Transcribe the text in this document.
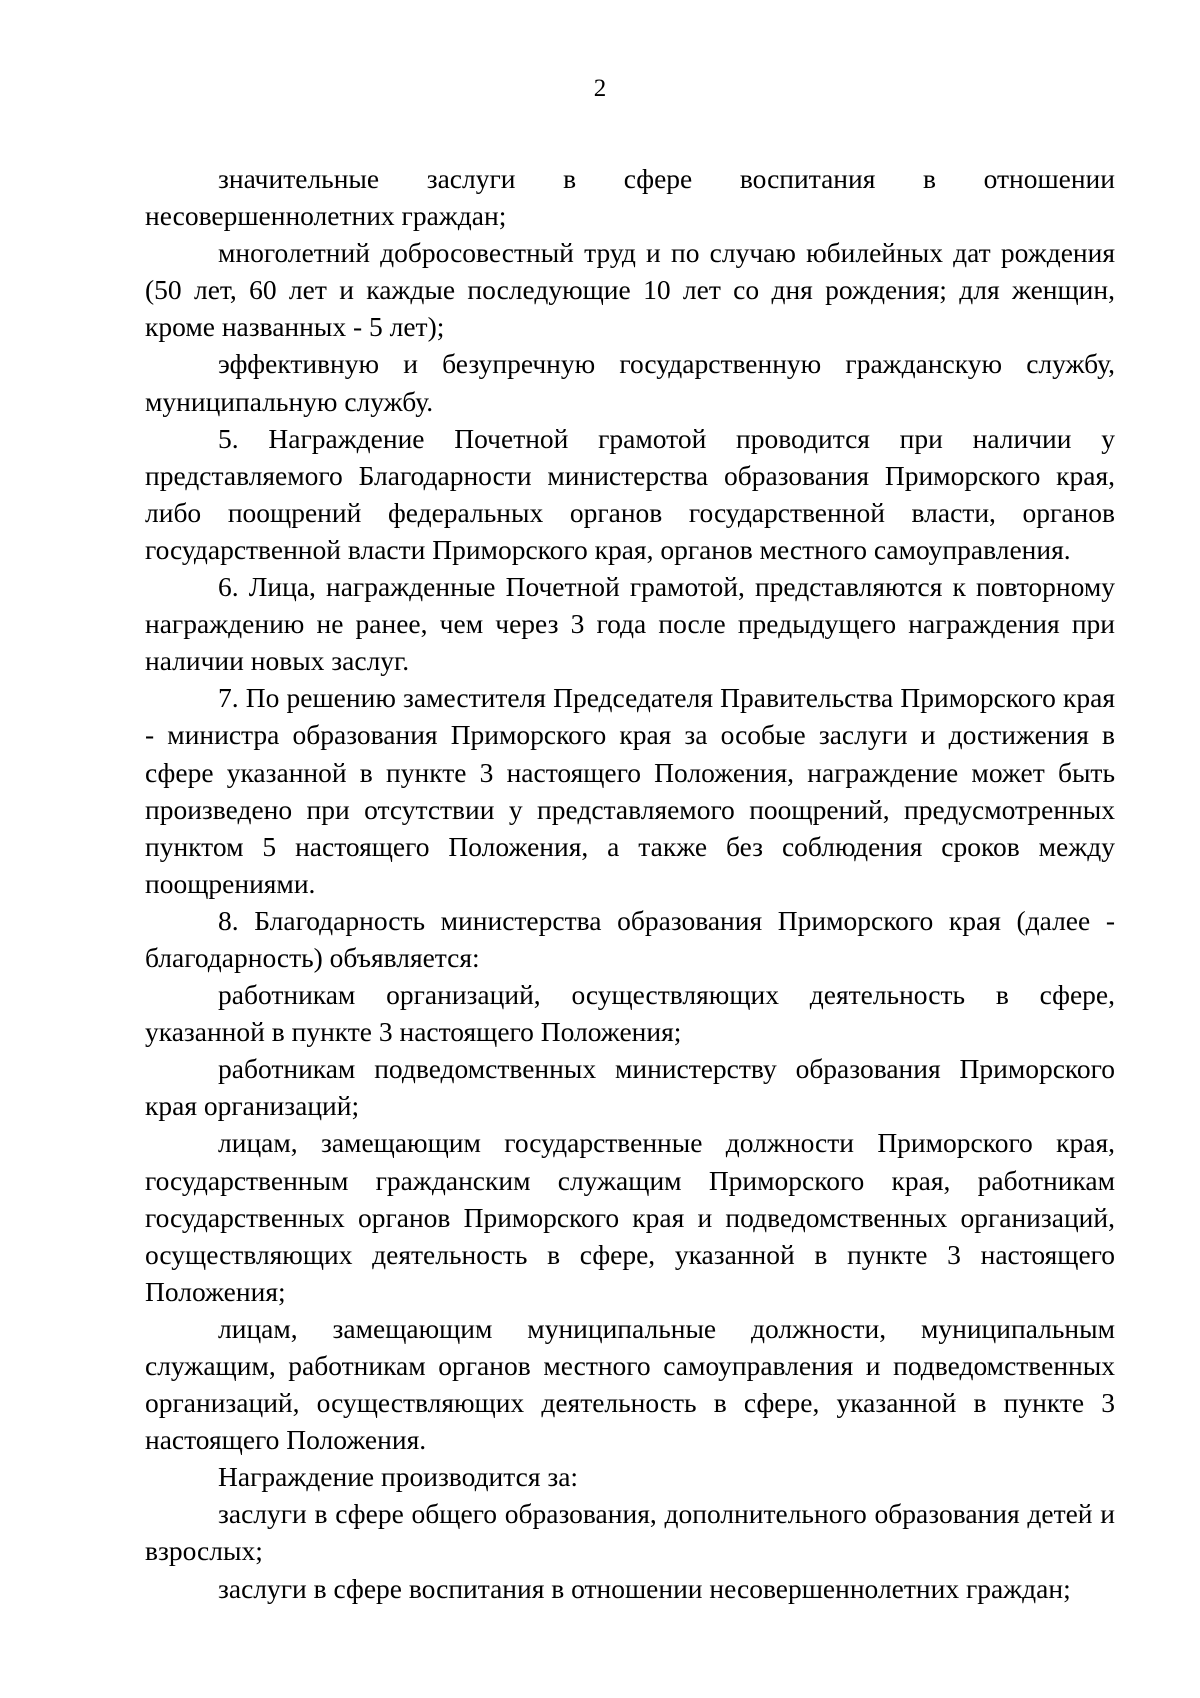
2

значительные заслуги в сфере воспитания в отношении несовершеннолетних граждан;

многолетний добросовестный труд и по случаю юбилейных дат рождения (50 лет, 60 лет и каждые последующие 10 лет со дня рождения; для женщин, кроме названных - 5 лет);

эффективную и безупречную государственную гражданскую службу, муниципальную службу.

5. Награждение Почетной грамотой проводится при наличии у представляемого Благодарности министерства образования Приморского края, либо поощрений федеральных органов государственной власти, органов государственной власти Приморского края, органов местного самоуправления.

6. Лица, награжденные Почетной грамотой, представляются к повторному награждению не ранее, чем через 3 года после предыдущего награждения при наличии новых заслуг.

7. По решению заместителя Председателя Правительства Приморского края - министра образования Приморского края за особые заслуги и достижения в сфере указанной в пункте 3 настоящего Положения, награждение может быть произведено при отсутствии у представляемого поощрений, предусмотренных пунктом 5 настоящего Положения, а также без соблюдения сроков между поощрениями.

8. Благодарность министерства образования Приморского края (далее - благодарность) объявляется:

работникам организаций, осуществляющих деятельность в сфере, указанной в пункте 3 настоящего Положения;

работникам подведомственных министерству образования Приморского края организаций;

лицам, замещающим государственные должности Приморского края, государственным гражданским служащим Приморского края, работникам государственных органов Приморского края и подведомственных организаций, осуществляющих деятельность в сфере, указанной в пункте 3 настоящего Положения;

лицам, замещающим муниципальные должности, муниципальным служащим, работникам органов местного самоуправления и подведомственных организаций, осуществляющих деятельность в сфере, указанной в пункте 3 настоящего Положения.

Награждение производится за:

заслуги в сфере общего образования, дополнительного образования детей и взрослых;

заслуги в сфере воспитания в отношении несовершеннолетних граждан;
